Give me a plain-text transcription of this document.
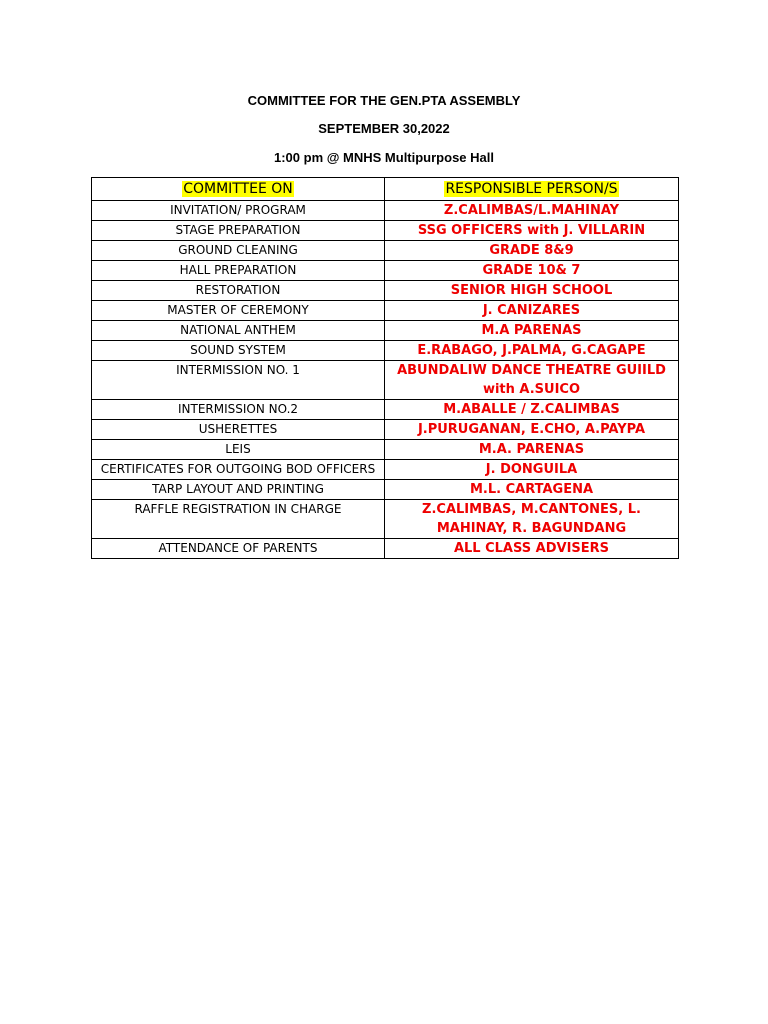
COMMITTEE FOR THE GEN.PTA ASSEMBLY
SEPTEMBER 30,2022
1:00 pm @ MNHS Multipurpose Hall
COMMITTEE ON	RESPONSIBLE PERSON/S
INVITATION/ PROGRAM	Z.CALIMBAS/L.MAHINAY
STAGE PREPARATION	SSG OFFICERS with J. VILLARIN
GROUND CLEANING	GRADE 8&9
HALL PREPARATION	GRADE 10& 7
RESTORATION	SENIOR HIGH SCHOOL
MASTER OF CEREMONY	J. CANIZARES
NATIONAL ANTHEM	M.A PARENAS
SOUND SYSTEM	E.RABAGO, J.PALMA, G.CAGAPE
INTERMISSION NO. 1	ABUNDALIW DANCE THEATRE GUIILD with A.SUICO
INTERMISSION NO.2	M.ABALLE / Z.CALIMBAS
USHERETTES	J.PURUGANAN, E.CHO, A.PAYPA
LEIS	M.A. PARENAS
CERTIFICATES FOR OUTGOING BOD OFFICERS	J. DONGUILA
TARP LAYOUT AND PRINTING	M.L. CARTAGENA
RAFFLE REGISTRATION IN CHARGE	Z.CALIMBAS, M.CANTONES, L. MAHINAY, R. BAGUNDANG
ATTENDANCE OF PARENTS	ALL CLASS ADVISERS
